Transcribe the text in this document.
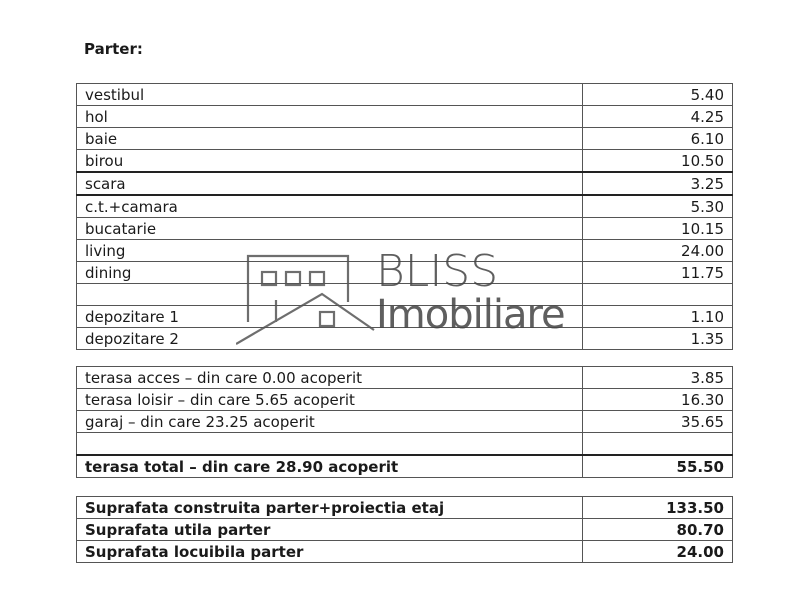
Parter:
vestibul	5.40
hol	4.25
baie	6.10
birou	10.50
scara	3.25
c.t.+camara	5.30
bucatarie	10.15
living	24.00
dining	11.75

depozitare 1	1.10
depozitare 2	1.35
terasa acces – din care 0.00 acoperit	3.85
terasa loisir – din care 5.65 acoperit	16.30
garaj – din care 23.25 acoperit	35.65

terasa total – din care 28.90 acoperit	55.50
Suprafata construita parter+proiectia etaj	133.50
Suprafata utila parter	80.70
Suprafata locuibila parter	24.00
BLISS
Imobiliare
